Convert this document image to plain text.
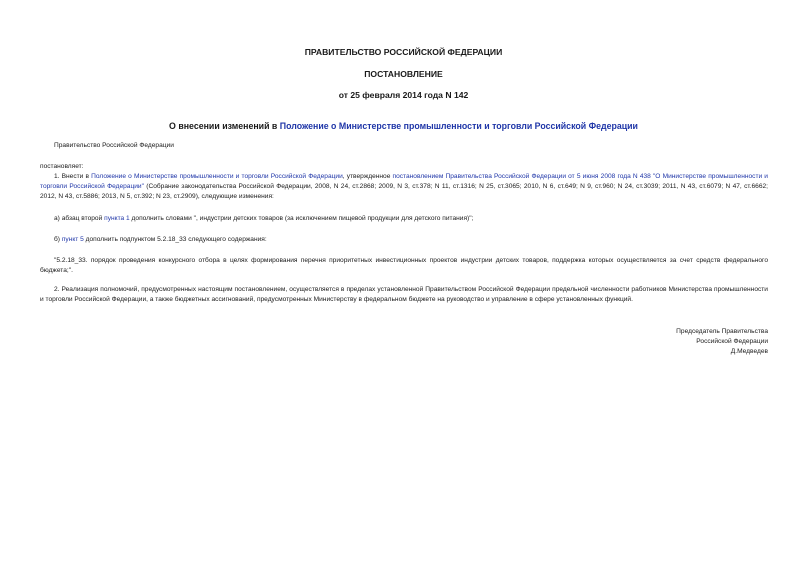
ПРАВИТЕЛЬСТВО РОССИЙСКОЙ ФЕДЕРАЦИИ
ПОСТАНОВЛЕНИЕ
от 25 февраля 2014 года N 142
О внесении изменений в Положение о Министерстве промышленности и торговли Российской Федерации
Правительство Российской Федерации
постановляет:
1. Внести в Положение о Министерстве промышленности и торговли Российской Федерации, утвержденное постановлением Правительства Российской Федерации от 5 июня 2008 года N 438 "О Министерстве промышленности и торговли Российской Федерации" (Собрание законодательства Российской Федерации, 2008, N 24, ст.2868; 2009, N 3, ст.378; N 11, ст.1316; N 25, ст.3065; 2010, N 6, ст.649; N 9, ст.960; N 24, ст.3039; 2011, N 43, ст.6079; N 47, ст.6662; 2012, N 43, ст.5886; 2013, N 5, ст.392; N 23, ст.2909), следующие изменения:
а) абзац второй пункта 1 дополнить словами ", индустрии детских товаров (за исключением пищевой продукции для детского питания)";
б) пункт 5 дополнить подпунктом 5.2.18_33 следующего содержания:
"5.2.18_33. порядок проведения конкурсного отбора в целях формирования перечня приоритетных инвестиционных проектов индустрии детских товаров, поддержка которых осуществляется за счет средств федерального бюджета;".
2. Реализация полномочий, предусмотренных настоящим постановлением, осуществляется в пределах установленной Правительством Российской Федерации предельной численности работников Министерства промышленности и торговли Российской Федерации, а также бюджетных ассигнований, предусмотренных Министерству в федеральном бюджете на руководство и управление в сфере установленных функций.
Председатель Правительства
Российской Федерации
Д.Медведев
